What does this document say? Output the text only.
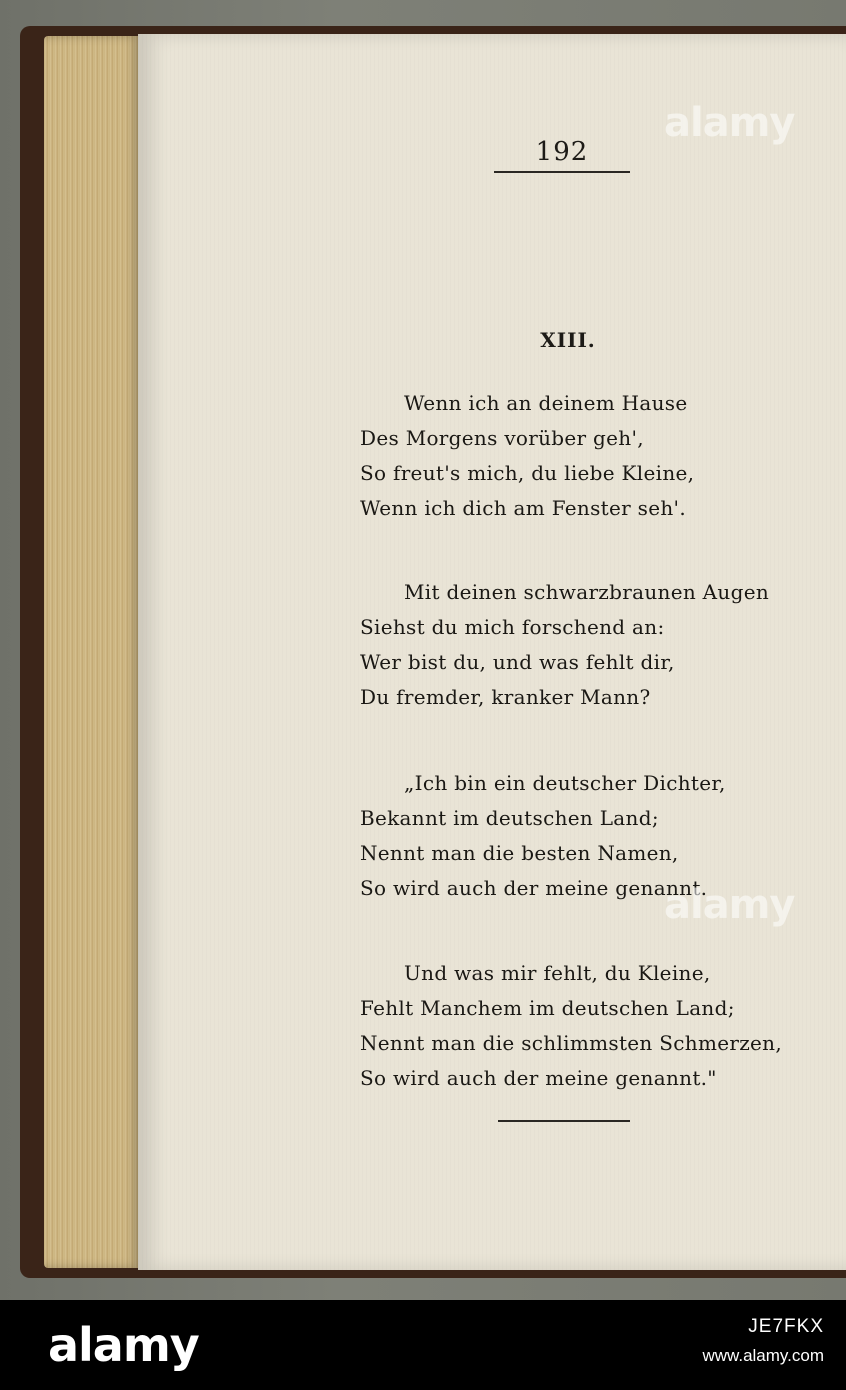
192
XIII.
Wenn ich an deinem Hause
Des Morgens vorüber geh',
So freut's mich, du liebe Kleine,
Wenn ich dich am Fenster seh'.
Mit deinen schwarzbraunen Augen
Siehst du mich forschend an:
Wer bist du, und was fehlt dir,
Du fremder, kranker Mann?
„Ich bin ein deutscher Dichter,
Bekannt im deutschen Land;
Nennt man die besten Namen,
So wird auch der meine genannt.
Und was mir fehlt, du Kleine,
Fehlt Manchem im deutschen Land;
Nennt man die schlimmsten Schmerzen,
So wird auch der meine genannt."
alamy
alamy
alamy	JE7FKX
www.alamy.com
